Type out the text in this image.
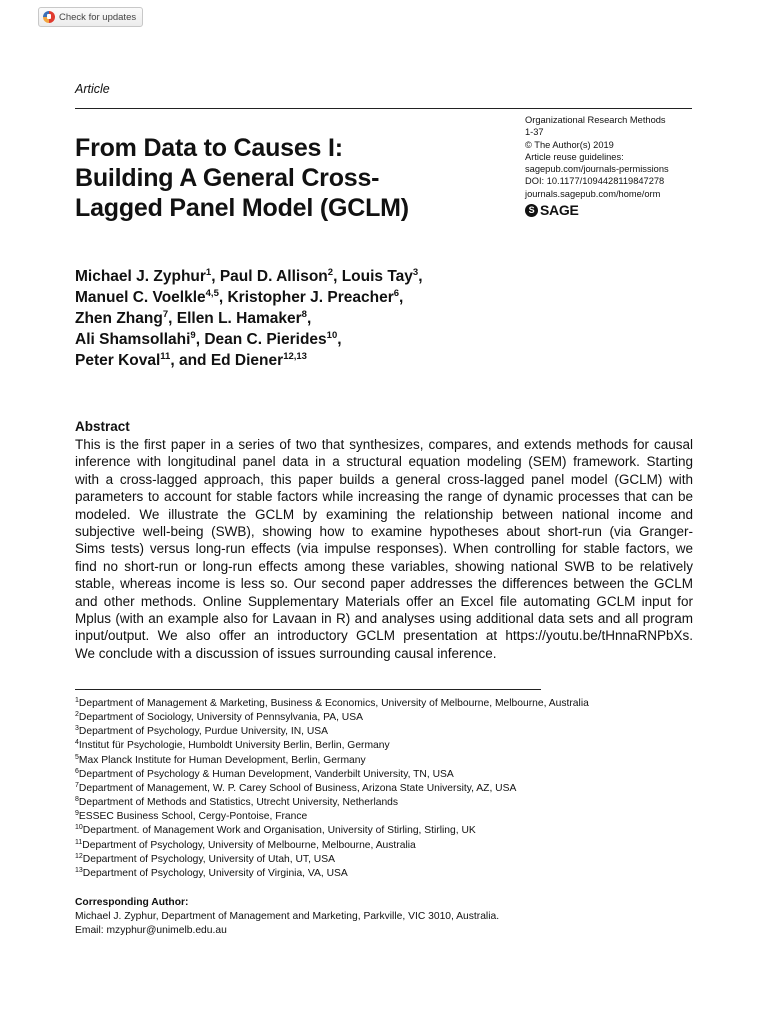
Check for updates
Article
From Data to Causes I:
Building A General Cross-
Lagged Panel Model (GCLM)
Organizational Research Methods
1-37
© The Author(s) 2019
Article reuse guidelines:
sagepub.com/journals-permissions
DOI: 10.1177/1094428119847278
journals.sagepub.com/home/orm
S SAGE
Michael J. Zyphur$^1$, Paul D. Allison$^2$, Louis Tay$^3$,
Manuel C. Voelkle$^{4,5}$, Kristopher J. Preacher$^6$,
Zhen Zhang$^7$, Ellen L. Hamaker$^8$,
Ali Shamsollahi$^9$, Dean C. Pierides$^{10}$,
Peter Koval$^{11}$, and Ed Diener$^{12,13}$
Abstract
This is the first paper in a series of two that synthesizes, compares, and extends methods for causal
inference with longitudinal panel data in a structural equation modeling (SEM) framework. Starting
with a cross-lagged approach, this paper builds a general cross-lagged panel model (GCLM) with
parameters to account for stable factors while increasing the range of dynamic processes that can be
modeled. We illustrate the GCLM by examining the relationship between national income and
subjective well-being (SWB), showing how to examine hypotheses about short-run (via Granger-
Sims tests) versus long-run effects (via impulse responses). When controlling for stable factors, we
find no short-run or long-run effects among these variables, showing national SWB to be relatively
stable, whereas income is less so. Our second paper addresses the differences between the GCLM
and other methods. Online Supplementary Materials offer an Excel file automating GCLM input for
Mplus (with an example also for Lavaan in R) and analyses using additional data sets and all program
input/output. We also offer an introductory GCLM presentation at https://youtu.be/tHnnaRNPbXs.
We conclude with a discussion of issues surrounding causal inference.
$^1$Department of Management & Marketing, Business & Economics, University of Melbourne, Melbourne, Australia
$^2$Department of Sociology, University of Pennsylvania, PA, USA
$^3$Department of Psychology, Purdue University, IN, USA
$^4$Institut für Psychologie, Humboldt University Berlin, Berlin, Germany
$^5$Max Planck Institute for Human Development, Berlin, Germany
$^6$Department of Psychology & Human Development, Vanderbilt University, TN, USA
$^7$Department of Management, W. P. Carey School of Business, Arizona State University, AZ, USA
$^8$Department of Methods and Statistics, Utrecht University, Netherlands
$^9$ESSEC Business School, Cergy-Pontoise, France
$^{10}$Department. of Management Work and Organisation, University of Stirling, Stirling, UK
$^{11}$Department of Psychology, University of Melbourne, Melbourne, Australia
$^{12}$Department of Psychology, University of Utah, UT, USA
$^{13}$Department of Psychology, University of Virginia, VA, USA
Corresponding Author:
Michael J. Zyphur, Department of Management and Marketing, Parkville, VIC 3010, Australia.
Email: mzyphur@unimelb.edu.au
